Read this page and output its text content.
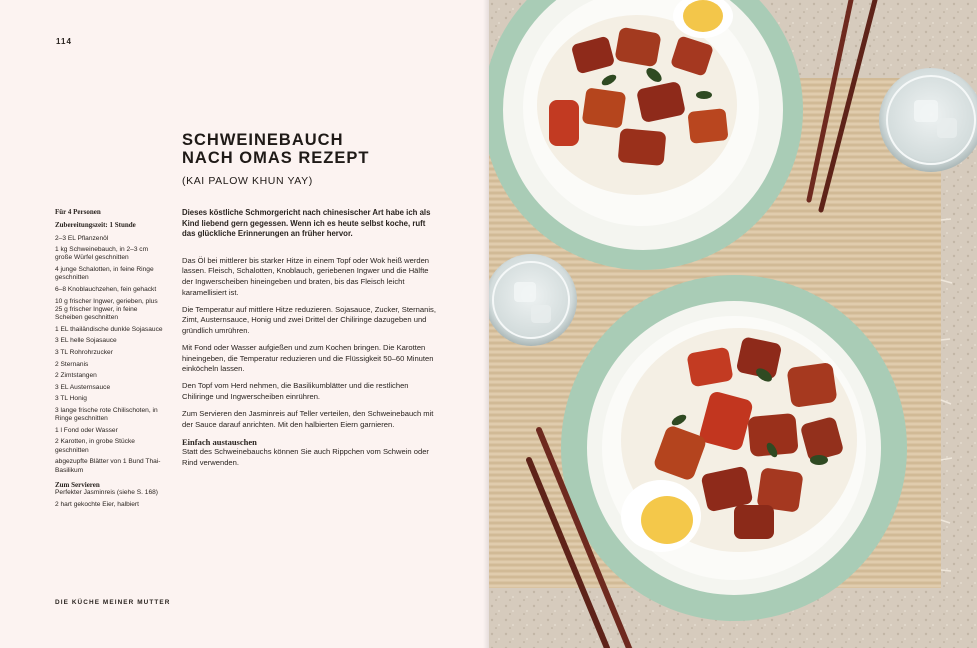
114
SCHWEINEBAUCH
NACH OMAS REZEPT
(KAI PALOW KHUN YAY)
Für 4 Personen
Zubereitungszeit: 1 Stunde
2–3 EL Pflanzenöl
1 kg Schweinebauch, in 2–3 cm große Würfel geschnitten
4 junge Schalotten, in feine Ringe geschnitten
6–8 Knoblauchzehen, fein gehackt
10 g frischer Ingwer, gerieben, plus 25 g frischer Ingwer, in feine Scheiben geschnitten
1 EL thailändische dunkle Sojasauce
3 EL helle Sojasauce
3 TL Rohrohrzucker
2 Sternanis
2 Zimtstangen
3 EL Austernsauce
3 TL Honig
3 lange frische rote Chilischoten, in Ringe geschnitten
1 l Fond oder Wasser
2 Karotten, in grobe Stücke geschnitten
abgezupfte Blätter von 1 Bund Thai-Basilikum
Zum Servieren
Perfekter Jasminreis (siehe S. 168)
2 hart gekochte Eier, halbiert
Dieses köstliche Schmorgericht nach chinesischer Art habe ich als Kind liebend gern gegessen. Wenn ich es heute selbst koche, ruft das glückliche Erinnerungen an früher hervor.

Das Öl bei mittlerer bis starker Hitze in einem Topf oder Wok heiß werden lassen. Fleisch, Schalotten, Knoblauch, geriebenen Ingwer und die Hälfte der Ingwerscheiben hineingeben und braten, bis das Fleisch leicht karamellisiert ist.

Die Temperatur auf mittlere Hitze reduzieren. Sojasauce, Zucker, Sternanis, Zimt, Austernsauce, Honig und zwei Drittel der Chiliringe dazugeben und gründlich umrühren.

Mit Fond oder Wasser aufgießen und zum Kochen bringen. Die Karotten hineingeben, die Temperatur reduzieren und die Flüssigkeit 50–60 Minuten einköcheln lassen.

Den Topf vom Herd nehmen, die Basilikumblätter und die restlichen Chiliringe und Ingwerscheiben einrühren.

Zum Servieren den Jasminreis auf Teller verteilen, den Schweinebauch mit der Sauce darauf anrichten. Mit den halbierten Eiern garnieren.

Einfach austauschen
Statt des Schweinebauchs können Sie auch Rippchen vom Schwein oder Rind verwenden.
DIE KÜCHE MEINER MUTTER
